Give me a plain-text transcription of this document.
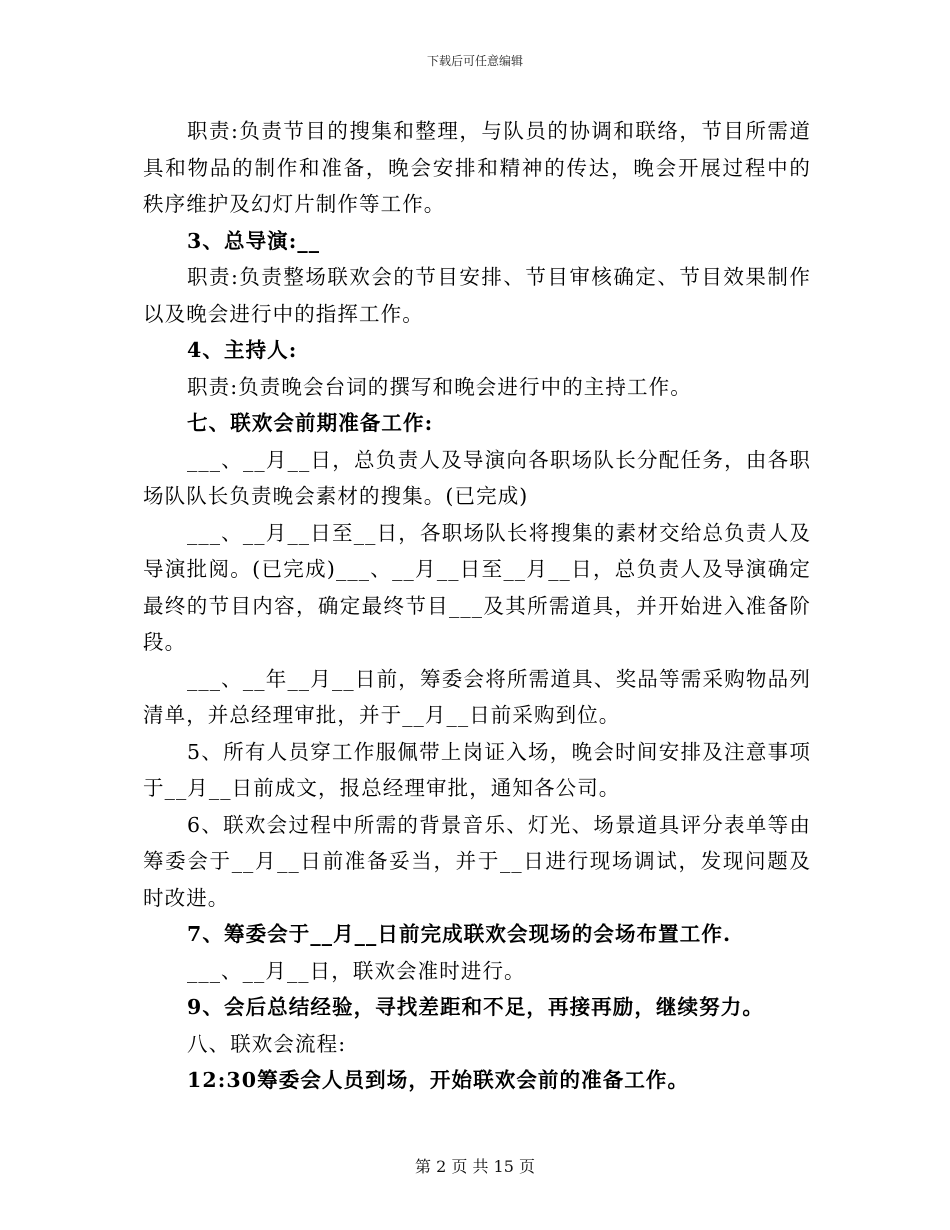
下载后可任意编辑

职责:负责节目的搜集和整理，与队员的协调和联络，节目所需道具和物品的制作和准备，晚会安排和精神的传达，晚会开展过程中的秩序维护及幻灯片制作等工作。

3、总导演:__

职责:负责整场联欢会的节目安排、节目审核确定、节目效果制作以及晚会进行中的指挥工作。

4、主持人:

职责:负责晚会台词的撰写和晚会进行中的主持工作。

七、联欢会前期准备工作:

___、__月__日，总负责人及导演向各职场队长分配任务，由各职场队队长负责晚会素材的搜集。(已完成)

___、__月__日至__日，各职场队长将搜集的素材交给总负责人及导演批阅。(已完成)___、__月__日至__月__日，总负责人及导演确定最终的节目内容，确定最终节目___及其所需道具，并开始进入准备阶段。

___、__年__月__日前，筹委会将所需道具、奖品等需采购物品列清单，并总经理审批，并于__月__日前采购到位。

5、所有人员穿工作服佩带上岗证入场，晚会时间安排及注意事项于__月__日前成文，报总经理审批，通知各公司。

6、联欢会过程中所需的背景音乐、灯光、场景道具评分表单等由筹委会于__月__日前准备妥当，并于__日进行现场调试，发现问题及时改进。

7、筹委会于__月__日前完成联欢会现场的会场布置工作.

___、__月__日，联欢会准时进行。

9、会后总结经验，寻找差距和不足，再接再励，继续努力。

八、联欢会流程:

12:30筹委会人员到场，开始联欢会前的准备工作。

第 2 页 共 15 页
